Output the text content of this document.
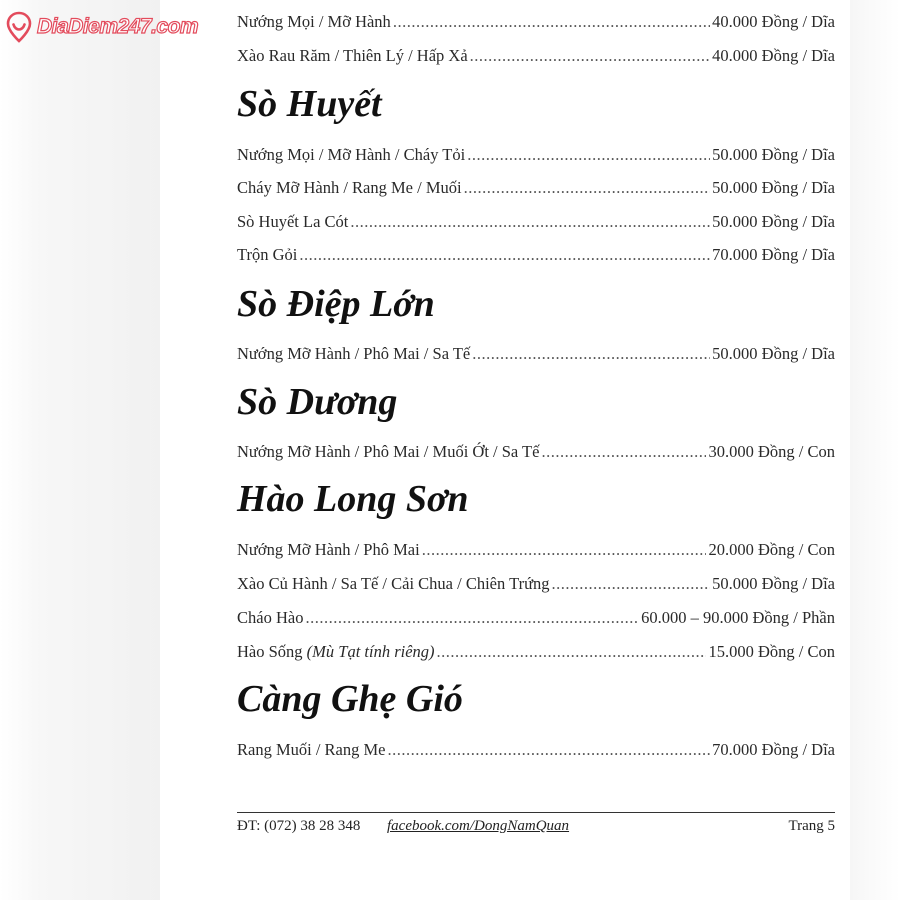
DiaDiem247.com Nướng Mọi / Mỡ Hành .....	40.000 Đồng / Dĩa
Xào Rau Răm / Thiên Lý / Hấp Xả .....	40.000 Đồng / Dĩa
Sò Huyết
Nướng Mọi / Mỡ Hành / Cháy Tỏi .....	50.000 Đồng / Dĩa
Cháy Mỡ Hành / Rang Me / Muối .....	50.000 Đồng / Dĩa
Sò Huyết La Cót .....	50.000 Đồng / Dĩa
Trộn Gỏi .....	70.000 Đồng / Dĩa
Sò Điệp Lớn
Nướng Mỡ Hành / Phô Mai / Sa Tế .....	50.000 Đồng / Dĩa
Sò Dương
Nướng Mỡ Hành / Phô Mai / Muối Ớt / Sa Tế .....	30.000 Đồng / Con
Hào Long Sơn
Nướng Mỡ Hành / Phô Mai .....	20.000 Đồng / Con
Xào Củ Hành / Sa Tế / Cải Chua / Chiên Trứng .....	50.000 Đồng / Dĩa
Cháo Hào .....	60.000 – 90.000 Đồng / Phần
Hào Sống (Mù Tạt tính riêng) .....	15.000 Đồng / Con
Càng Ghẹ Gió
Rang Muối / Rang Me .....	70.000 Đồng / Dĩa
ĐT: (072) 38 28 348 facebook.com/DongNamQuan	Trang 5
